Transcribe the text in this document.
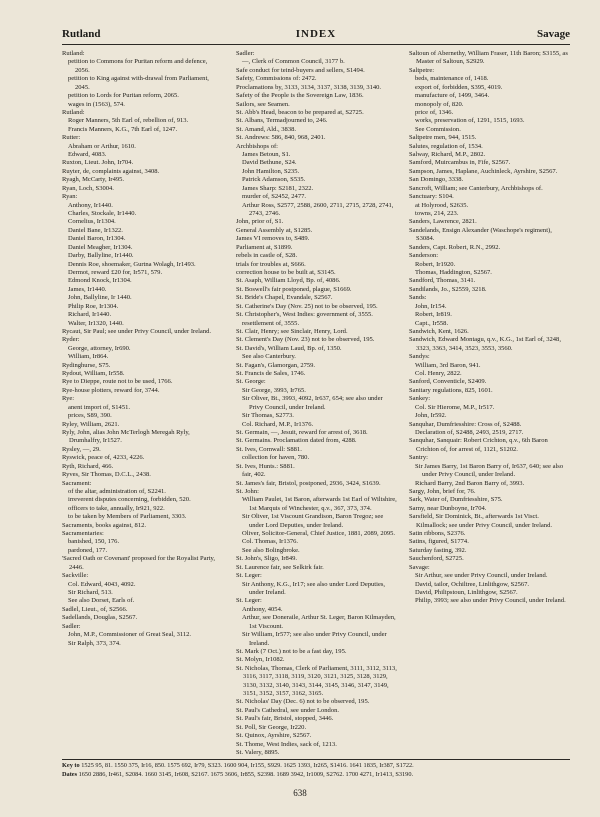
Rutland	INDEX	Savage

Rutland:

petition to Commons for Puritan reform and defence, 2056.

petition to King against with-drawal from Parliament, 2045.

petition to Lords for Puritan reform, 2065.

wages in (1563), 574.

Rutland:

Roger Manners, 5th Earl of, rebellion of, 913.

Francis Manners, K.G., 7th Earl of, 1247.

Rutter:

Abraham or Arthur, 1610.

Edward, 4083.

Ruxton, Lieut. John, Ir704.

Ruyter, de, complaints against, 3408.

Ryagh, McCarty, Ir495.

Ryan, Loch, S3004.

Ryan:

Anthony, Ir1440.

Charles, Stockale, Ir1440.

Cornelius, Ir1304.

Daniel Bane, Ir1322.

Daniel Baron, Ir1304.

Daniel Meagher, Ir1304.

Darby, Ballyline, Ir1440.

Dennis Roe, shoemaker, Gurtna Wolagh, Ir1493.

Dermot, reward £20 for, Ir571, 579.

Edmond Knock, Ir1304.

James, Ir1440.

John, Ballyline, Ir 1440.

Philip Roe, Ir1304.

Richard, Ir1440.

Walter, Ir1320, 1440.

Rycaut, Sir Paul; see under Privy Council, under Ireland.

Ryder:

George, attorney, Ir690.

William, Ir864.

Rydinghurse, S75.

Rydout, William, Ir558.

Rye to Dieppe, route not to be used, 1766.

Rye-house plotters, reward for, 3744.

Rye:

anent import of, S1451.

prices, S89, 390.

Ryley, William, 2621.

Ryly, John, alias John McTerlogh Meregah Ryly, Drumhalfry, Ir1527.

Rysley, —, 29.

Ryswick, peace of, 4233, 4226.

Ryth, Richard, 466.

Ryves, Sir Thomas, D.C.L., 2438.

Sacrament:

of the altar, administration of, S2241.

irreverent disputes concerning, forbidden, 520.

officers to take, annually, Ir921, 922.

to be taken by Members of Parliament, 3303.

Sacraments, books against, 812.

Sacramentaries:

banished, 150, 176.

pardoned, 177.

'Sacred Oath or Covenant' proposed for the Royalist Party, 2446.

Sackville:

Col. Edward, 4043, 4092.

Sir Richard, 513.

See also Dorset, Earls of.

Sadlel, Lieut., of, S2566.

Sadellands, Douglas, S2567.

Sadler:

John, M.P., Commissioner of Great Seal, 3112.

Sir Ralph, 373, 374.

Sadler:

—, Clerk of Common Council, 3177 b.

Safe conduct for teind-buyers and sellers, S1494.

Safety, Commissions of: 2472.

Proclamations by, 3133, 3134, 3137, 3138, 3139, 3140.

Safety of the People is the Sovereign Law, 1836.

Sailors, see Seamen.

St. Abb's Head, beacon to be prepared at, S2725.

St. Albans, Termadjourned to, 246.

St. Amand, Ald., 3838.

St. Andrews: 586, 840, 968, 2401.

Archbishops of:

James Betoun, S1.

David Bethune, S24.

John Hamilton, S235.

Patrick Adamson, S535.

James Sharp: S2181, 2322.

murder of, S2452, 2477.

Arthur Ross, S2577, 2588, 2600, 2711, 2715, 2728, 2741, 2743, 2746.

John, prior of, S1.

General Assembly at, S1285.

James VI removes to, S489.

Parliament at, S1899.

rebels in castle of, S28.

trials for troubles at, S666.

correction house to be built at, S3145.

St. Asaph, William Lloyd, Bp. of, 4086.

St. Boswell's fair postponed, plague, S1669.

St. Bride's Chapel, Evandale, S2567.

St. Catherine's Day (Nov. 25) not to be observed, 195.

St. Christopher's, West Indies: government of, 3555.

resettlement of, 3555.

St. Clair, Henry; see Sinclair, Henry, Lord.

St. Clement's Day (Nov. 23) not to be observed, 195.

St. David's, William Laud, Bp. of, 1350.

See also Canterbury.

St. Fagan's, Glamorgan, 2759.

St. Francis de Sales, 1746.

St. George:

Sir George, 3993, Ir765.

Sir Oliver, Bt., 3993, 4092, Ir637, 654; see also under Privy Council, under Ireland.

Sir Thomas, S2773.

Col. Richard, M.P., Ir1376.

St. Germain, —, Jesuit, reward for arrest of, 3618.

St. Germains. Proclamation dated from, 4288.

St. Ives, Cornwall: S881.

collection for haven, 780.

St. Ives, Hunts.: S881.

fair, 402.

St. James's fair, Bristol, postponed, 2936, 3424, S1639.

St. John:

William Paulet, 1st Baron, afterwards 1st Earl of Wiltshire, 1st Marquis of Winchester, q.v., 367, 373, 374.

Sir Oliver, 1st Viscount Grandison, Baron Tregoz; see under Lord Deputies, under Ireland.

Oliver, Solicitor-General, Chief Justice, 1881, 2089, 2095.

Col. Thomas, Ir1376.

See also Bolingbroke.

St. John's, Sligo, Ir849.

St. Laurence fair, see Selkirk fair.

St. Leger:

Sir Anthony, K.G., Ir17; see also under Lord Deputies, under Ireland.

St. Leger:

Anthony, 4054.

Arthur, see Doneraile, Arthur St. Leger, Baron Kilmayden, 1st Viscount.

Sir William, Ir577; see also under Privy Council, under Ireland.

St. Mark (7 Oct.) not to be a fast day, 195.

St. Molyn, Ir1082.

St. Nicholas, Thomas, Clerk of Parliament, 3111, 3112, 3113, 3116, 3117, 3118, 3119, 3120, 3121, 3125, 3128, 3129, 3130, 3132, 3140, 3143, 3144, 3145, 3146, 3147, 3149, 3151, 3152, 3157, 3162, 3165.

St. Nicholas' Day (Dec. 6) not to be observed, 195.

St. Paul's Cathedral, see under London.

St. Paul's fair, Bristol, stopped, 3446.

St. Poll, Sir George, Ir220.

St. Quinox, Ayrshire, S2567.

St. Thome, West Indies, sack of, 1213.

St. Valery, 8895.

Saltoun of Abernethy, William Fraser, 11th Baron; S3155, as Master of Saltoun, S2929.

Saltpetre:

beds, maintenance of, 1418.

export of, forbidden, S395, 4019.

manufacture of, 1499, 3464.

monopoly of, 820.

price of, 1346.

works, preservation of, 1291, 1515, 1693.

See Commission.

Saltpetre men, 944, 1515.

Salutes, regulation of, 1534.

Salway, Richard, M.P., 2802.

Samford, Muircambus in, Fife, S2567.

Sampson, James, Haplane, Auchinleck, Ayrshire, S2567.

San Domingo, 3338.

Sancroft, William; see Canterbury, Archbishops of.

Sanctuary: S104.

at Holyrood, S2635.

towns, 214, 223.

Sanders, Lawrence, 2821.

Sandelands, Ensign Alexander (Waschope's regiment), S3084.

Sanders, Capt. Robert, R.N., 2992.

Sanderson:

Robert, Ir1920.

Thomas, Haddington, S2567.

Sandford, Thomas, 3141.

Sandilands, Jo., S2559, 3218.

Sands:

John, Ir154.

Robert, Ir819.

Capt., Ir558.

Sandwich, Kent, 1626.

Sandwich, Edward Montagu, q.v., K.G., 1st Earl of, 3248, 3323, 3363, 3414, 3523, 3553, 3560.

Sandys:

William, 3rd Baron, 941.

Col. Henry, 2822.

Sanford, Conventicle, S2409.

Sanitary regulations, 825, 1601.

Sankey:

Col. Sir Hierome, M.P., Ir517.

John, Ir592.

Sanquhar, Dumfriesshire: Cross of, S2488.

Declaration of, S2488, 2493, 2519, 2717.

Sanquhar, Sanquair: Robert Crichton, q.v., 6th Baron Crichton of, for arrest of, 1121, S1202.

Santry:

Sir James Barry, 1st Baron Barry of, Ir637, 640; see also under Privy Council, under Ireland.

Richard Barry, 2nd Baron Barry of, 3993.

Sargy, John, brief for, 76.

Sark, Water of, Dumfriesshire, S75.

Sarny, near Dunboyne, Ir704.

Sarsfield, Sir Dominick, Bt., afterwards 1st Visct. Kilmallock; see under Privy Council, under Ireland.

Satin ribbons, S2376.

Satins, figured, S1774.

Saturday fasting, 392.

Sauchenford, S2725.

Savage:

Sir Arthur, see under Privy Council, under Ireland.

David, tailor, Ochiltree, Linlithgow, S2567.

David, Philipstoun, Linlithgow, S2567.

Philip, 3993; see also under Privy Council, under Ireland.

Key to 1525 95, 81. 1550 375, Ir16, 850. 1575 692, Ir79, S323. 1600 904, Ir155, S929. 1625 1393, Ir265, S1416. 1641 1835, Ir387, S1722.
Dates 1650 2886, Ir461, S2084. 1660 3145, Ir608, S2167. 1675 3606, Ir855, S2398. 1689 3942, Ir1009, S2762. 1700 4271, Ir1413, S3190.
638
